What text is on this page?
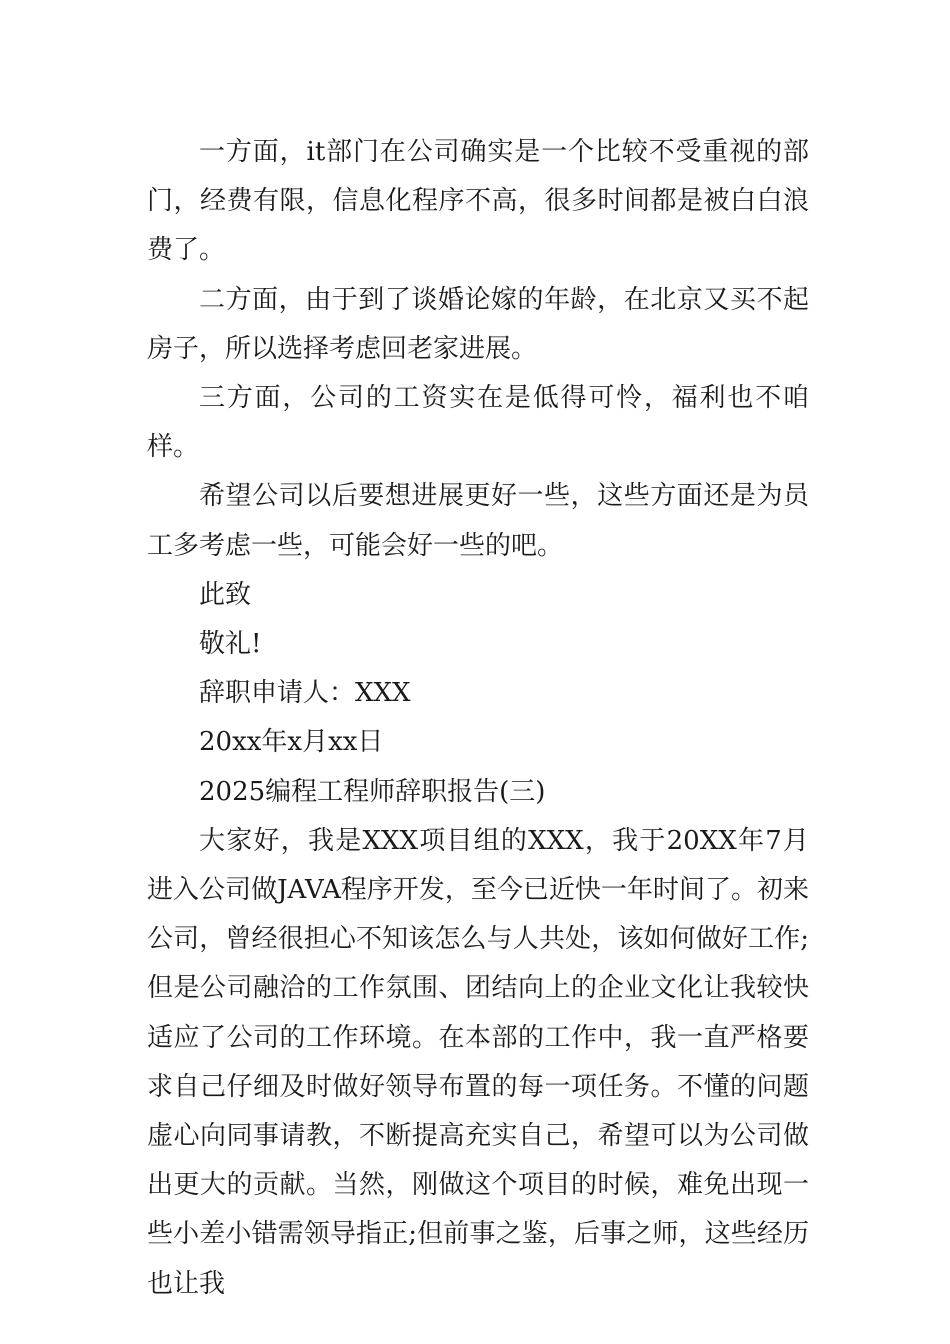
一方面，it部门在公司确实是一个比较不受重视的部门，经费有限，信息化程序不高，很多时间都是被白白浪费了。

二方面，由于到了谈婚论嫁的年龄，在北京又买不起房子，所以选择考虑回老家进展。

三方面，公司的工资实在是低得可怜，福利也不咱样。

希望公司以后要想进展更好一些，这些方面还是为员工多考虑一些，可能会好一些的吧。

此致

敬礼!

辞职申请人：XXX

20xx年x月xx日

2025编程工程师辞职报告(三)

大家好，我是XXX项目组的XXX，我于20XX年7月进入公司做JAVA程序开发，至今已近快一年时间了。初来公司，曾经很担心不知该怎么与人共处，该如何做好工作;但是公司融洽的工作氛围、团结向上的企业文化让我较快适应了公司的工作环境。在本部的工作中，我一直严格要求自己仔细及时做好领导布置的每一项任务。不懂的问题虚心向同事请教，不断提高充实自己，希望可以为公司做出更大的贡献。当然，刚做这个项目的时候，难免出现一些小差小错需领导指正;但前事之鉴，后事之师，这些经历也让我
